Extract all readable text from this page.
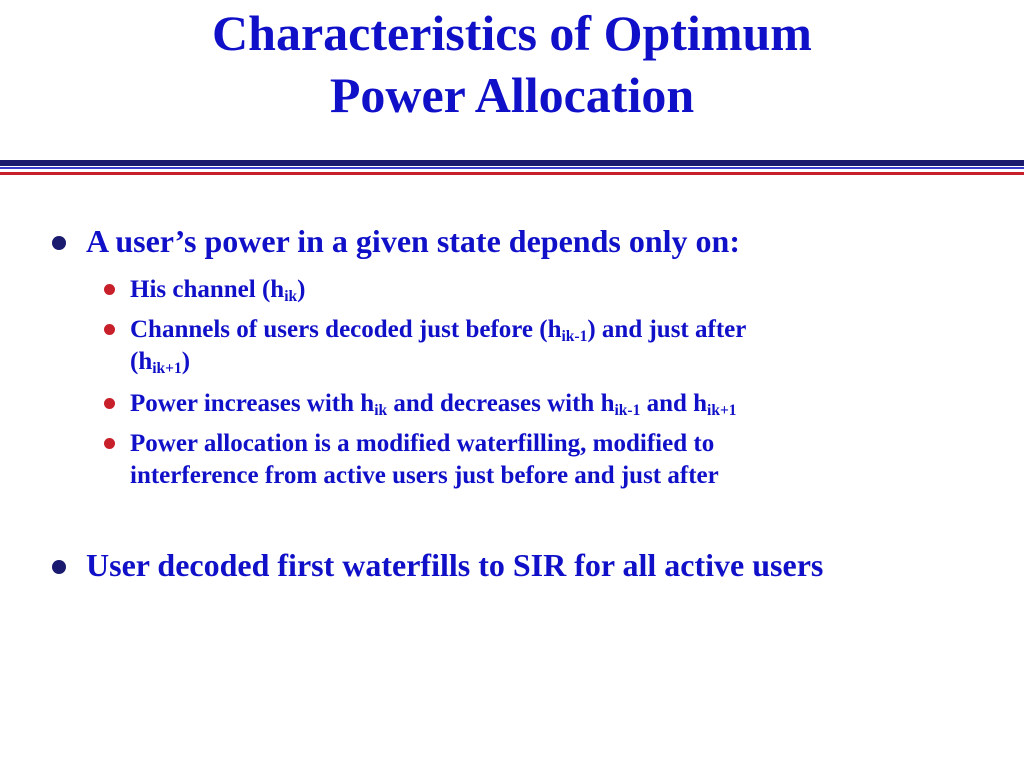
Characteristics of Optimum
Power Allocation
A user’s power in a given state depends only on:
His channel $(h_{ik})$
Channels of users decoded just before $(h_{ik-1})$ and just after
$(h_{ik+1})$
Power increases with $h_{ik}$ and decreases with $h_{ik-1}$ and $h_{ik+1}$
Power allocation is a modified waterfilling, modified to
interference from active users just before and just after
User decoded first waterfills to SIR for all active users
